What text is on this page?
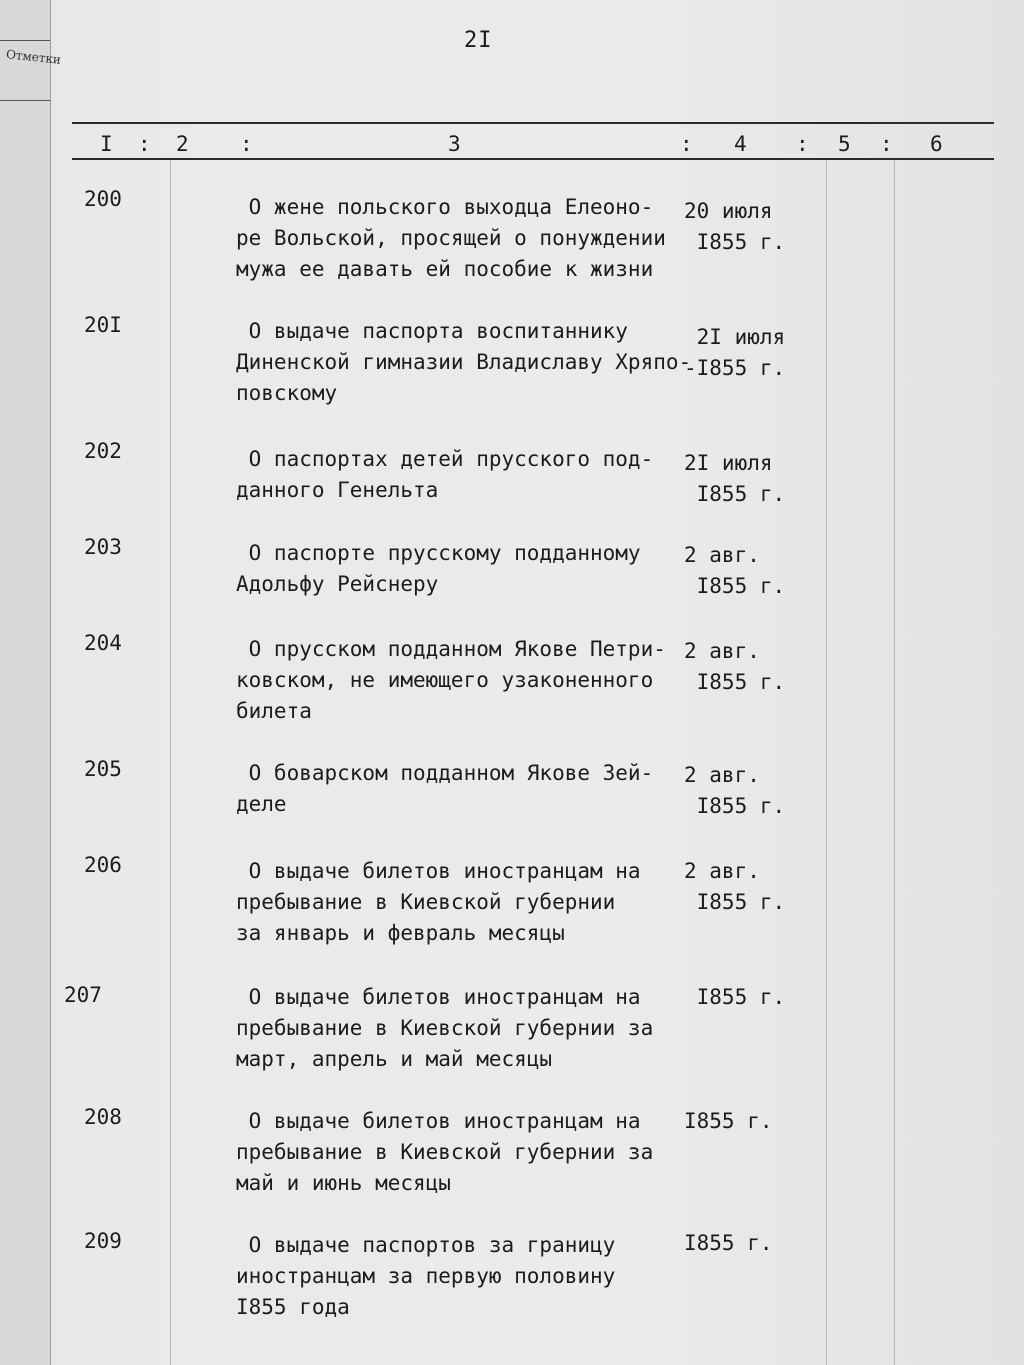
Отметки
2I
I : 2 :	3	: 4 : 5 : 6
200	О жене польского выходца Елеоно-
ре Вольской, просящей о понуждении
мужа ее давать ей пособие к жизни
20 июля
I855 г.
20I	О выдаче паспорта воспитаннику
Диненской гимназии Владиславу Хряпо-
повскому
2I июля
-I855 г.
202	О паспортах детей прусского под-
данного Генельта
2I июля
I855 г.
203	О паспорте прусскому подданному
Адольфу Рейснеру
2 авг.
I855 г.
204	О прусском подданном Якове Петри-
ковском, не имеющего узаконенного
билета
2 авг.
I855 г.
205	О боварском подданном Якове Зей-
деле
2 авг.
I855 г.
206	О выдаче билетов иностранцам на
пребывание в Киевской губернии
за январь и февраль месяцы
2 авг.
I855 г.
207	О выдаче билетов иностранцам на
пребывание в Киевской губернии за
март, апрель и май месяцы
I855 г.
208	О выдаче билетов иностранцам на
пребывание в Киевской губернии за
май и июнь месяцы
I855 г.
209	О выдаче паспортов за границу
иностранцам за первую половину
I855 года
I855 г.
